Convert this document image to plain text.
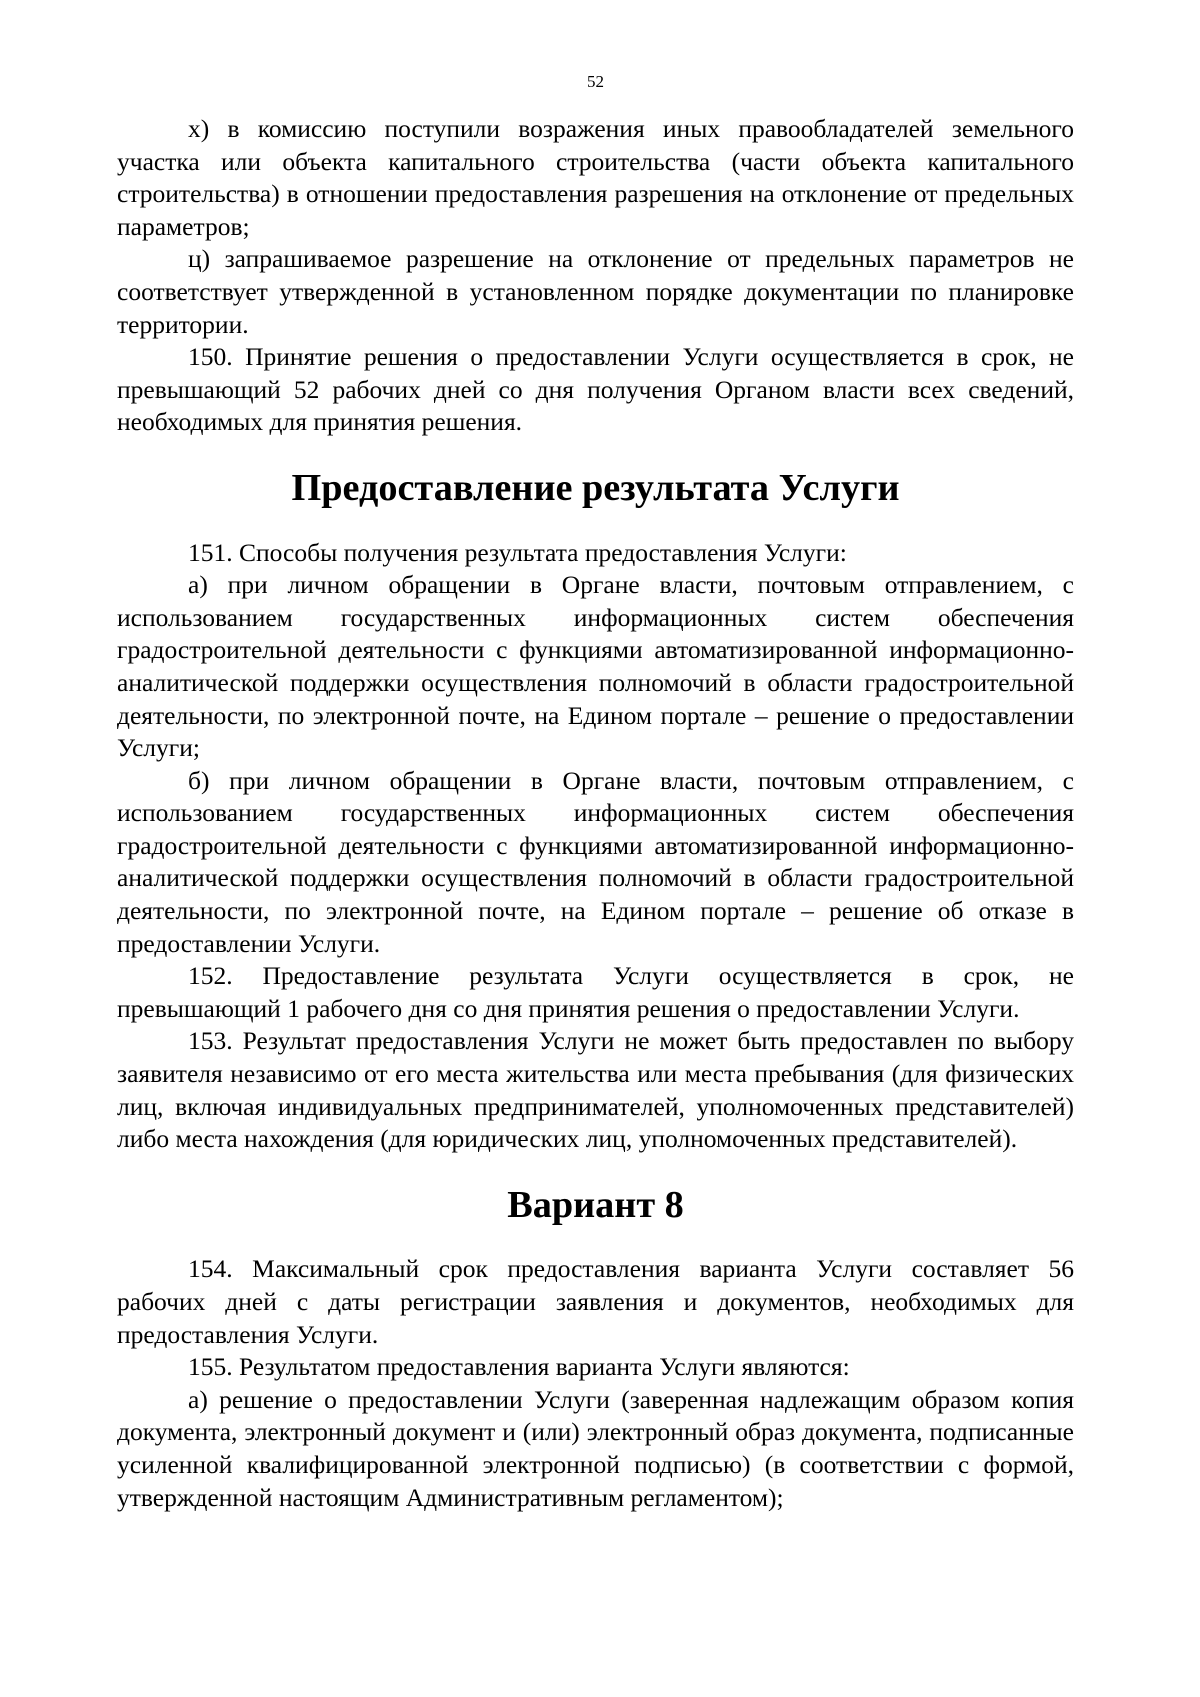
52

х) в комиссию поступили возражения иных правообладателей земельного участка или объекта капитального строительства (части объекта капитального строительства) в отношении предоставления разрешения на отклонение от предельных параметров;

ц) запрашиваемое разрешение на отклонение от предельных параметров не соответствует утвержденной в установленном порядке документации по планировке территории.

150. Принятие решения о предоставлении Услуги осуществляется в срок, не превышающий 52 рабочих дней со дня получения Органом власти всех сведений, необходимых для принятия решения.

Предоставление результата Услуги

151. Способы получения результата предоставления Услуги:

а) при личном обращении в Органе власти, почтовым отправлением, с использованием государственных информационных систем обеспечения градостроительной деятельности с функциями автоматизированной информационно-аналитической поддержки осуществления полномочий в области градостроительной деятельности, по электронной почте, на Едином портале – решение о предоставлении Услуги;

б) при личном обращении в Органе власти, почтовым отправлением, с использованием государственных информационных систем обеспечения градостроительной деятельности с функциями автоматизированной информационно-аналитической поддержки осуществления полномочий в области градостроительной деятельности, по электронной почте, на Едином портале – решение об отказе в предоставлении Услуги.

152. Предоставление результата Услуги осуществляется в срок, не превышающий 1 рабочего дня со дня принятия решения о предоставлении Услуги.

153. Результат предоставления Услуги не может быть предоставлен по выбору заявителя независимо от его места жительства или места пребывания (для физических лиц, включая индивидуальных предпринимателей, уполномоченных представителей) либо места нахождения (для юридических лиц, уполномоченных представителей).

Вариант 8

154. Максимальный срок предоставления варианта Услуги составляет 56 рабочих дней с даты регистрации заявления и документов, необходимых для предоставления Услуги.

155. Результатом предоставления варианта Услуги являются:

а) решение о предоставлении Услуги (заверенная надлежащим образом копия документа, электронный документ и (или) электронный образ документа, подписанные усиленной квалифицированной электронной подписью) (в соответствии с формой, утвержденной настоящим Административным регламентом);
